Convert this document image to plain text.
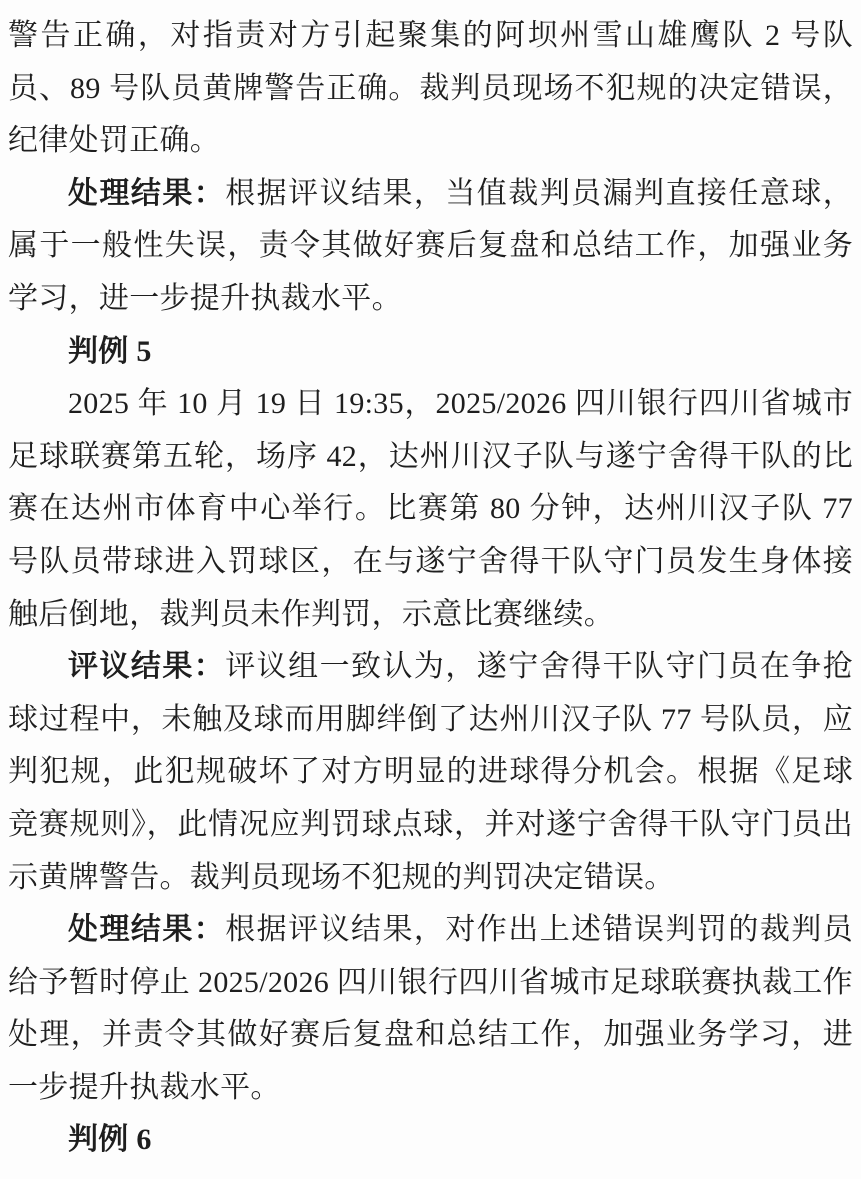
警告正确，对指责对方引起聚集的阿坝州雪山雄鹰队 2 号队员、89 号队员黄牌警告正确。裁判员现场不犯规的决定错误，纪律处罚正确。

处理结果：根据评议结果，当值裁判员漏判直接任意球，属于一般性失误，责令其做好赛后复盘和总结工作，加强业务学习，进一步提升执裁水平。

判例 5

2025 年 10 月 19 日 19:35，2025/2026 四川银行四川省城市足球联赛第五轮，场序 42，达州川汉子队与遂宁舍得干队的比赛在达州市体育中心举行。比赛第 80 分钟，达州川汉子队 77 号队员带球进入罚球区，在与遂宁舍得干队守门员发生身体接触后倒地，裁判员未作判罚，示意比赛继续。

评议结果：评议组一致认为，遂宁舍得干队守门员在争抢球过程中，未触及球而用脚绊倒了达州川汉子队 77 号队员，应判犯规，此犯规破坏了对方明显的进球得分机会。根据《足球竞赛规则》，此情况应判罚球点球，并对遂宁舍得干队守门员出示黄牌警告。裁判员现场不犯规的判罚决定错误。

处理结果：根据评议结果，对作出上述错误判罚的裁判员给予暂时停止 2025/2026 四川银行四川省城市足球联赛执裁工作处理，并责令其做好赛后复盘和总结工作，加强业务学习，进一步提升执裁水平。

判例 6
